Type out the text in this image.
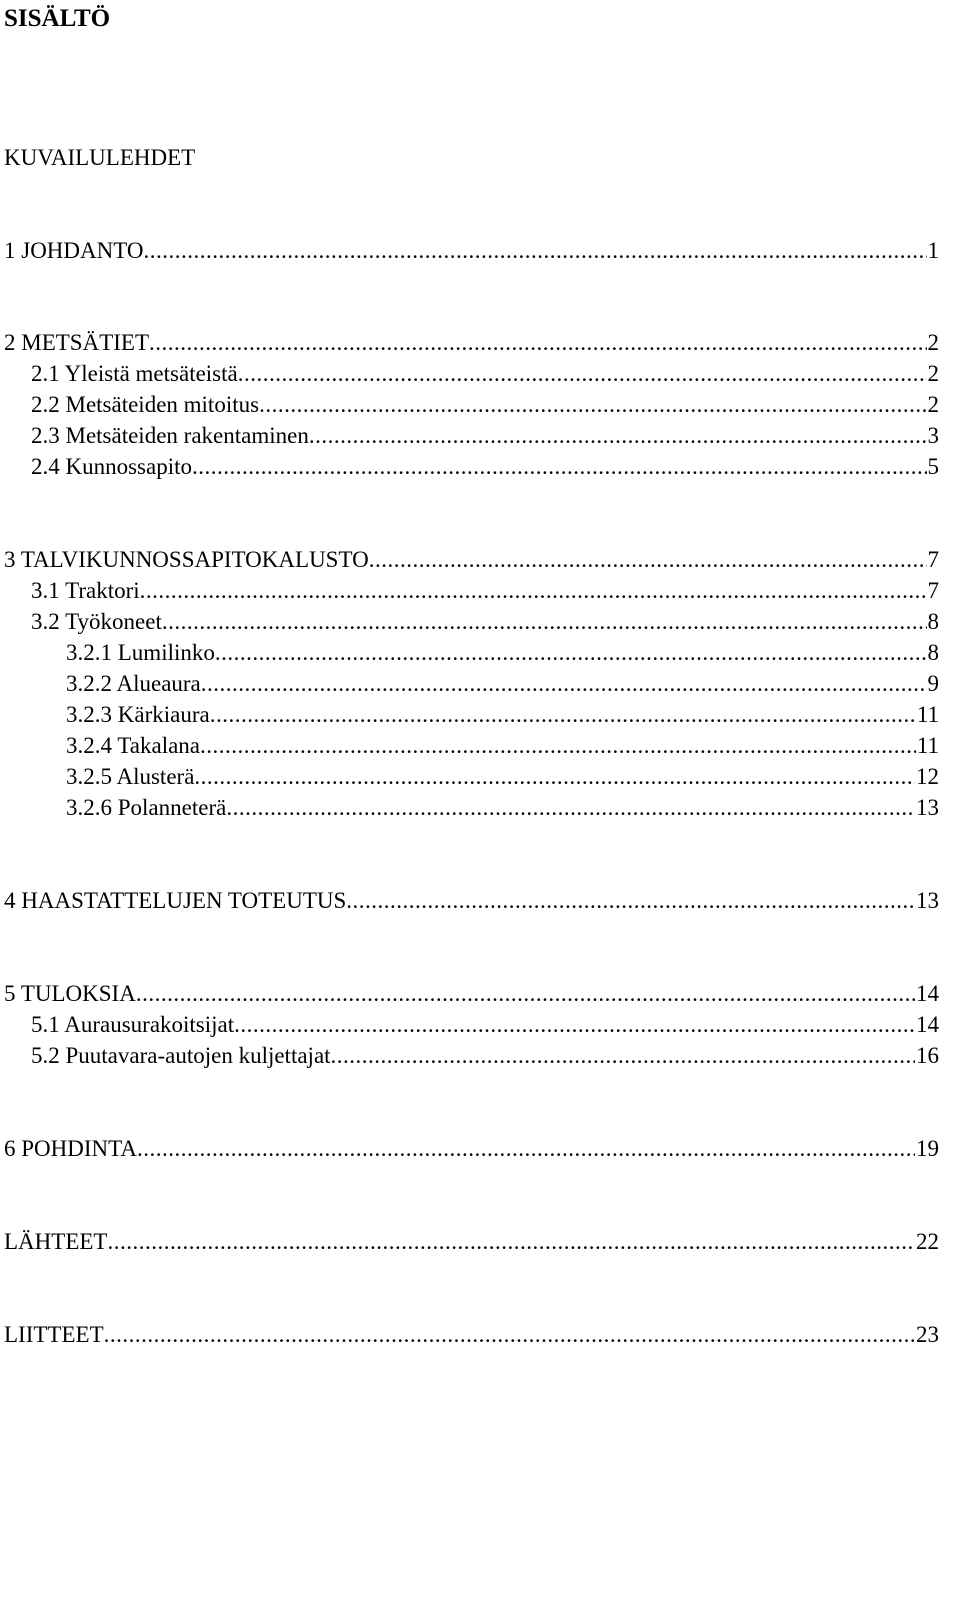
SISÄLTÖ
KUVAILULEHDET
1 JOHDANTO .....	1
2 METSÄTIET .....	2
2.1 Yleistä metsäteistä .....	2
2.2 Metsäteiden mitoitus .....	2
2.3 Metsäteiden rakentaminen .....	3
2.4 Kunnossapito .....	5
3 TALVIKUNNOSSAPITOKALUSTO .....	7
3.1 Traktori .....	7
3.2 Työkoneet .....	8
3.2.1 Lumilinko .....	8
3.2.2 Alueaura .....	9
3.2.3 Kärkiaura .....	11
3.2.4 Takalana .....	11
3.2.5 Alusterä .....	12
3.2.6 Polanneterä .....	13
4 HAASTATTELUJEN TOTEUTUS .....	13
5 TULOKSIA .....	14
5.1 Aurausurakoitsijat .....	14
5.2 Puutavara-autojen kuljettajat .....	16
6 POHDINTA .....	19
LÄHTEET .....	22
LIITTEET .....	23
